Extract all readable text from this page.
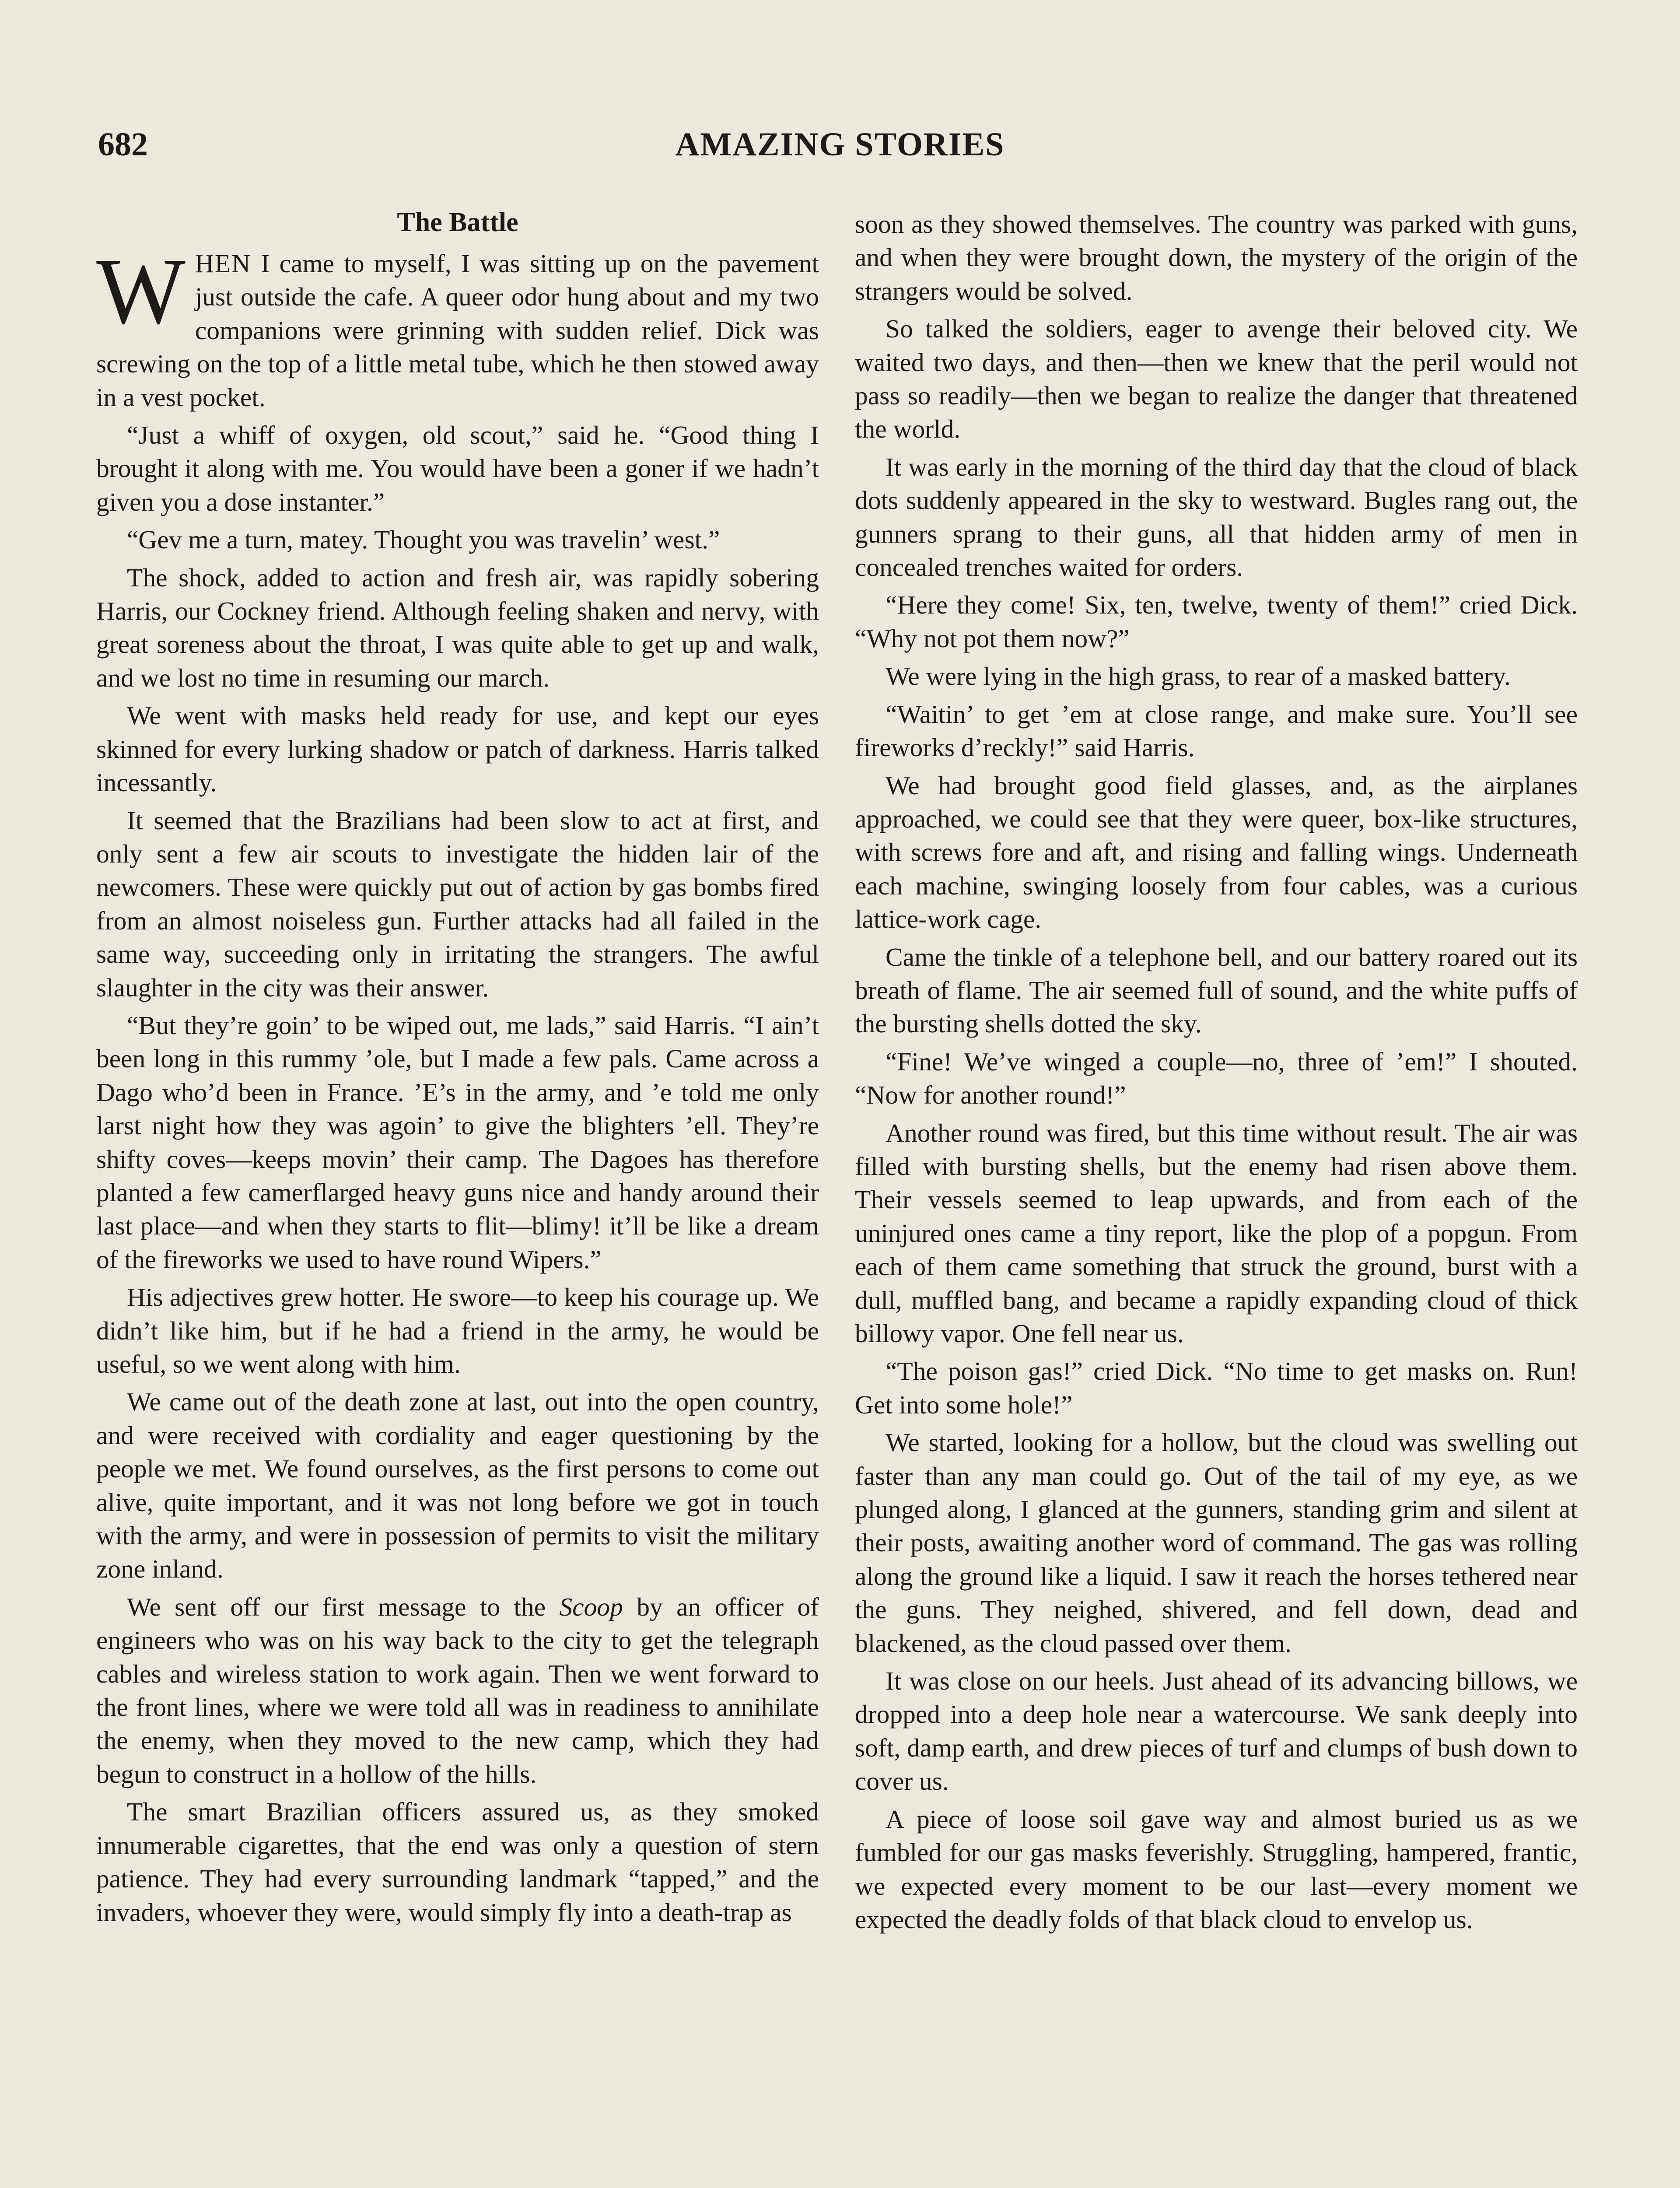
682	AMAZING STORIES
The Battle

WHEN I came to myself, I was sitting up on the pavement just outside the cafe. A queer odor hung about and my two companions were grinning with sudden relief. Dick was screwing on the top of a little metal tube, which he then stowed away in a vest pocket.

“Just a whiff of oxygen, old scout,” said he. “Good thing I brought it along with me. You would have been a goner if we hadn’t given you a dose instanter.”

“Gev me a turn, matey. Thought you was travelin’ west.”

The shock, added to action and fresh air, was rapidly sobering Harris, our Cockney friend. Although feeling shaken and nervy, with great soreness about the throat, I was quite able to get up and walk, and we lost no time in resuming our march.

We went with masks held ready for use, and kept our eyes skinned for every lurking shadow or patch of darkness. Harris talked incessantly.

It seemed that the Brazilians had been slow to act at first, and only sent a few air scouts to investigate the hidden lair of the newcomers. These were quickly put out of action by gas bombs fired from an almost noiseless gun. Further attacks had all failed in the same way, succeeding only in irritating the strangers. The awful slaughter in the city was their answer.

“But they’re goin’ to be wiped out, me lads,” said Harris. “I ain’t been long in this rummy ’ole, but I made a few pals. Came across a Dago who’d been in France. ’E’s in the army, and ’e told me only larst night how they was agoin’ to give the blighters ’ell. They’re shifty coves—keeps movin’ their camp. The Dagoes has therefore planted a few camerflarged heavy guns nice and handy around their last place—and when they starts to flit—blimy! it’ll be like a dream of the fireworks we used to have round Wipers.”

His adjectives grew hotter. He swore—to keep his courage up. We didn’t like him, but if he had a friend in the army, he would be useful, so we went along with him.

We came out of the death zone at last, out into the open country, and were received with cordiality and eager questioning by the people we met. We found ourselves, as the first persons to come out alive, quite important, and it was not long before we got in touch with the army, and were in possession of permits to visit the military zone inland.

We sent off our first message to the Scoop by an officer of engineers who was on his way back to the city to get the telegraph cables and wireless station to work again. Then we went forward to the front lines, where we were told all was in readiness to annihilate the enemy, when they moved to the new camp, which they had begun to construct in a hollow of the hills.

The smart Brazilian officers assured us, as they smoked innumerable cigarettes, that the end was only a question of stern patience. They had every surrounding landmark “tapped,” and the invaders, whoever they were, would simply fly into a death-trap as

soon as they showed themselves. The country was parked with guns, and when they were brought down, the mystery of the origin of the strangers would be solved.

So talked the soldiers, eager to avenge their beloved city. We waited two days, and then—then we knew that the peril would not pass so readily—then we began to realize the danger that threatened the world.

It was early in the morning of the third day that the cloud of black dots suddenly appeared in the sky to westward. Bugles rang out, the gunners sprang to their guns, all that hidden army of men in concealed trenches waited for orders.

“Here they come! Six, ten, twelve, twenty of them!” cried Dick. “Why not pot them now?”

We were lying in the high grass, to rear of a masked battery.

“Waitin’ to get ’em at close range, and make sure. You’ll see fireworks d’reckly!” said Harris.

We had brought good field glasses, and, as the airplanes approached, we could see that they were queer, box-like structures, with screws fore and aft, and rising and falling wings. Underneath each machine, swinging loosely from four cables, was a curious lattice-work cage.

Came the tinkle of a telephone bell, and our battery roared out its breath of flame. The air seemed full of sound, and the white puffs of the bursting shells dotted the sky.

“Fine! We’ve winged a couple—no, three of ’em!” I shouted. “Now for another round!”

Another round was fired, but this time without result. The air was filled with bursting shells, but the enemy had risen above them. Their vessels seemed to leap upwards, and from each of the uninjured ones came a tiny report, like the plop of a popgun. From each of them came something that struck the ground, burst with a dull, muffled bang, and became a rapidly expanding cloud of thick billowy vapor. One fell near us.

“The poison gas!” cried Dick. “No time to get masks on. Run! Get into some hole!”

We started, looking for a hollow, but the cloud was swelling out faster than any man could go. Out of the tail of my eye, as we plunged along, I glanced at the gunners, standing grim and silent at their posts, awaiting another word of command. The gas was rolling along the ground like a liquid. I saw it reach the horses tethered near the guns. They neighed, shivered, and fell down, dead and blackened, as the cloud passed over them.

It was close on our heels. Just ahead of its advancing billows, we dropped into a deep hole near a watercourse. We sank deeply into soft, damp earth, and drew pieces of turf and clumps of bush down to cover us.

A piece of loose soil gave way and almost buried us as we fumbled for our gas masks feverishly. Struggling, hampered, frantic, we expected every moment to be our last—every moment we expected the deadly folds of that black cloud to envelop us.
